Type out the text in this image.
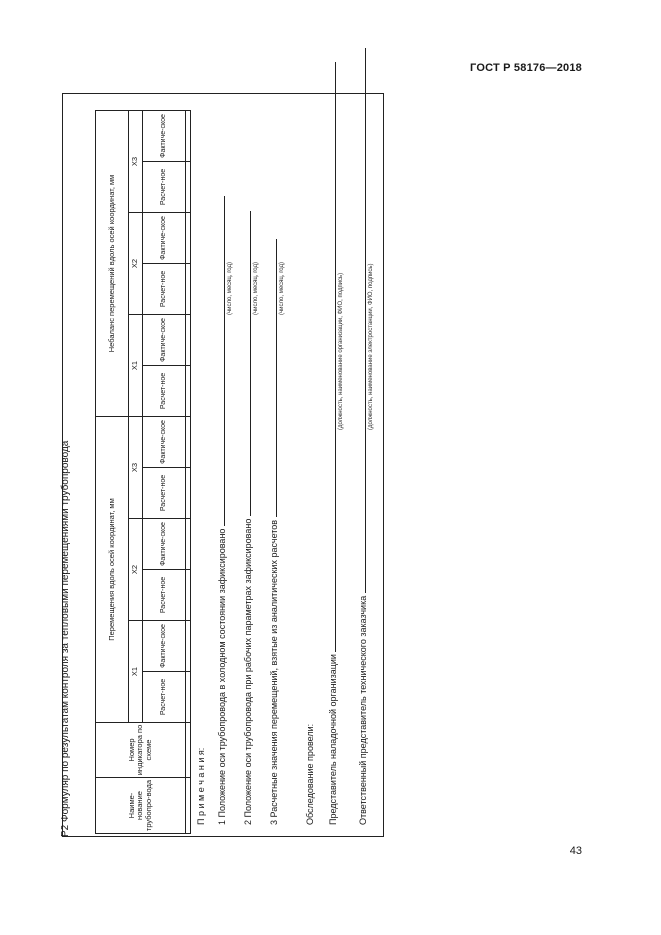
ГОСТ Р 58176—2018
Р2 Формуляр по результатам контроля за тепловыми перемещениями трубопровода	Наиме-нование трубопро-вода	Номер индикатора по схеме	Перемещения вдоль осей координат, мм						Небаланс перемещений вдоль осей координат, мм					
		X1		X2		X3		X1		X2		X3	
		Расчет-ное	Фактиче-ское	Расчет-ное	Фактиче-ское	Расчет-ное	Фактиче-ское	Расчет-ное	Фактиче-ское	Расчет-ное	Фактиче-ское	Расчет-ное	Фактиче-ское

П р и м е ч а н и я: 1 Положение оси трубопровода в холодном состоянии зафиксировано
(число, месяц, год)
2 Положение оси трубопровода при рабочих параметрах зафиксировано
(число, месяц, год)
3 Расчетные значения перемещений, взятые из аналитических расчетов
(число, месяц, год)
Обследование провели: Представитель наладочной организации
(должность, наименование организации, ФИО, подпись)
Ответственный представитель технического заказчика
(должность, наименование электростанции, ФИО, подпись)
43
